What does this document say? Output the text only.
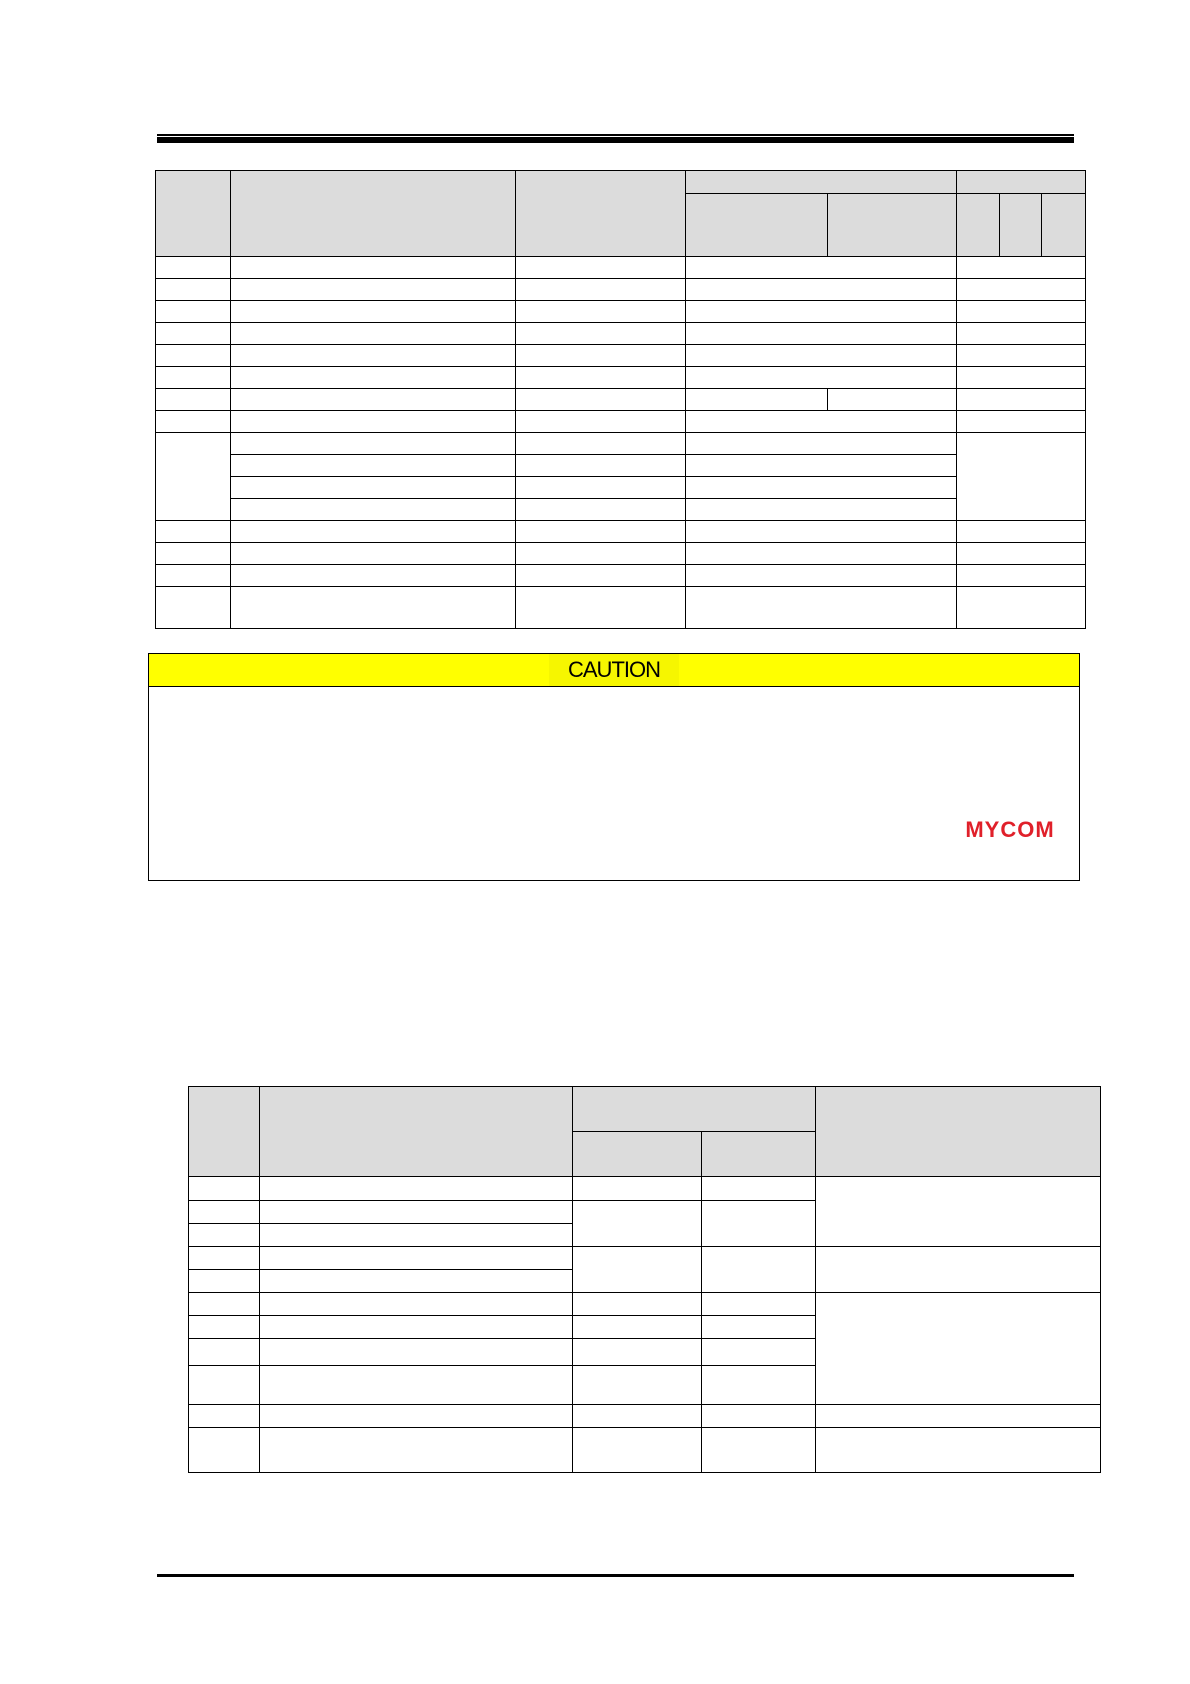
CAUTION
MYCOM
